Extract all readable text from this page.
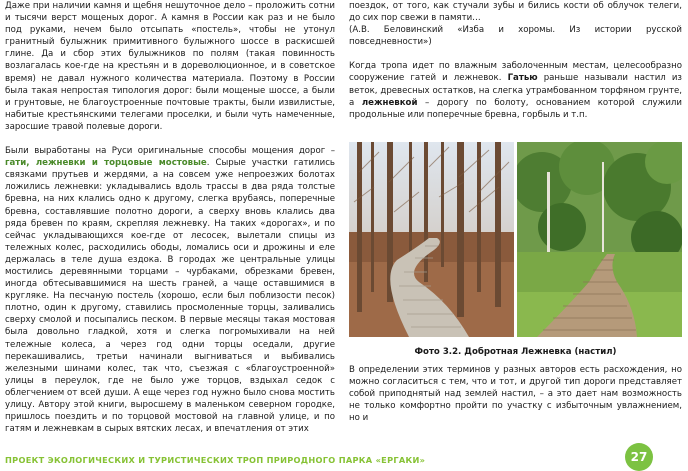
Даже при наличии камня и щебня нешуточное дело – проложить сотни и тысячи верст мощеных дорог. А камня в России как раз и не было под руками, нечем было отсыпать «постель», чтобы не утонул гранитный булыжник примитивного булыжного шоссе в раскисшей глине. Да и сбор этих булыжников по полям (такая повинность возлагалась кое-где на крестьян и в дореволюционное, и в советское время) не давал нужного количества материала. Поэтому в России была такая непростая типология дорог: были мощеные шоссе, а были и грунтовые, не благоустроенные почтовые тракты, были извилистые, набитые крестьянскими телегами проселки, и были чуть намеченные, заросшие травой полевые дороги.

Были выработаны на Руси оригинальные способы мощения дорог – гати, лежневки и торцовые мостовые. Сырые участки гатились связками прутьев и жердями, а на совсем уже непроезжих болотах ложились лежневки: укладывались вдоль трассы в два ряда толстые бревна, на них клались одно к другому, слегка врубаясь, поперечные бревна, составлявшие полотно дороги, а сверху вновь клались два ряда бревен по краям, скрепляя лежневку. На таких «дорогах», и по сейчас укладывающихся кое-где от лесосек, вылетали спицы из тележных колес, расходились ободы, ломались оси и дрожины и еле держалась в теле душа ездока. В городах же центральные улицы мостились деревянными торцами – чурбаками, обрезками бревен, иногда обтесывавшимися на шесть граней, а чаще оставшимися в кругляке. На песчаную постель (хорошо, если был поблизости песок) плотно, один к другому, ставились просмоленные торцы, заливались сверху смолой и посыпались песком. В первые месяцы такая мостовая была довольно гладкой, хотя и слегка погромыхивали на ней тележные колеса, а через год одни торцы оседали, другие перекашивались, третьи начинали выгниваться и выбивались железными шинами колес, так что, съезжая с «благоустроенной» улицы в переулок, где не было уже торцов, вздыхал седок с облегчением от всей души. А еще через год нужно было снова мостить улицу. Автору этой книги, выросшему в маленьком северном городке, пришлось поездить и по торцовой мостовой на главной улице, и по гатям и лежневкам в сырых вятских лесах, и впечатления от этих

поездок, от того, как стучали зубы и бились кости об облучок телеги, до сих пор свежи в памяти…

(А.В. Беловинский «Изба и хоромы. Из истории русской повседневности»)

Когда тропа идет по влажным заболоченным местам, целесообразно сооружение гатей и лежневок. Гатью раньше называли настил из веток, древесных остатков, на слегка утрамбованном торфяном грунте, а лежневкой – дорогу по болоту, основанием которой служили продольные или поперечные бревна, горбыль и т.п.

Фото 3.2. Добротная Лежневка (настил)

В определении этих терминов у разных авторов есть расхождения, но можно согласиться с тем, что и тот, и другой тип дороги представляет собой приподнятый над землей настил, – а это дает нам возможность не только комфортно пройти по участку с избыточным увлажнением, но и

ПРОЕКТ ЭКОЛОГИЧЕСКИХ И ТУРИСТИЧЕСКИХ ТРОП ПРИРОДНОГО ПАРКА «ЕРГАКИ»	27
